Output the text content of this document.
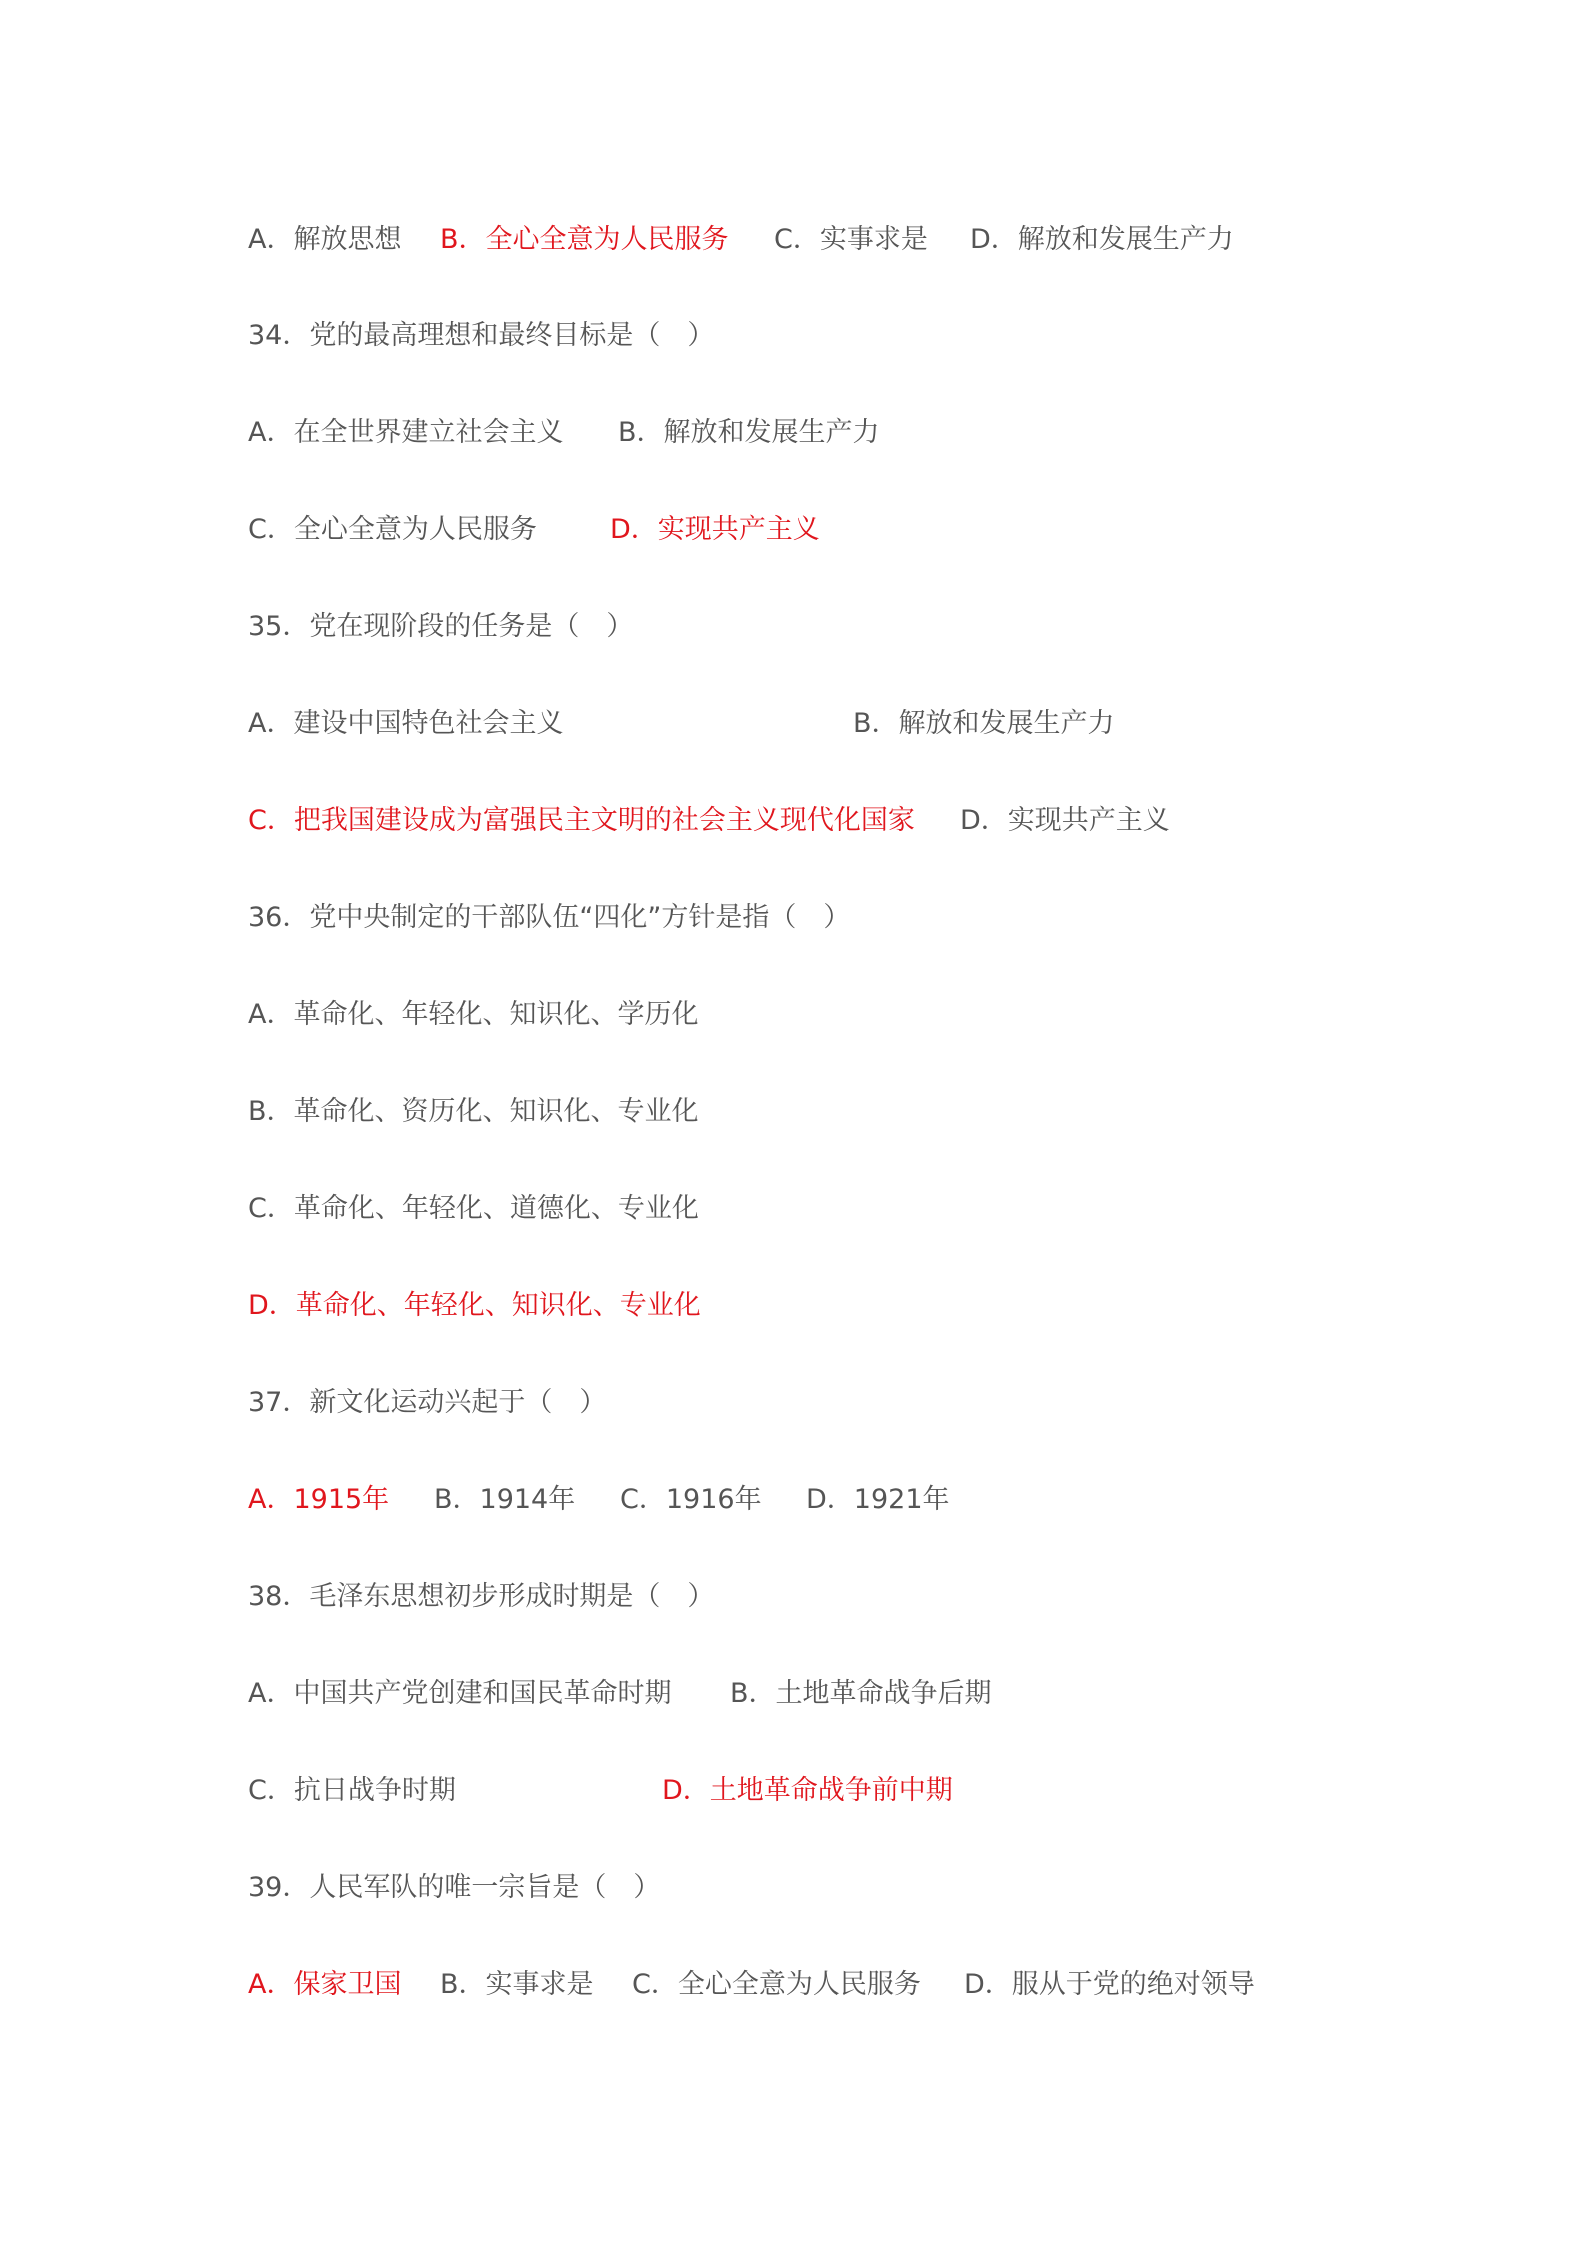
A．解放思想 B．全心全意为人民服务 C．实事求是 D．解放和发展生产力
34．党的最高理想和最终目标是（　）
A．在全世界建立社会主义 B．解放和发展生产力
C．全心全意为人民服务	D．实现共产主义
35．党在现阶段的任务是（　）
A．建设中国特色社会主义	B．解放和发展生产力
C．把我国建设成为富强民主文明的社会主义现代化国家 D．实现共产主义
36．党中央制定的干部队伍“四化”方针是指（　）
A．革命化、年轻化、知识化、学历化
B．革命化、资历化、知识化、专业化
C．革命化、年轻化、道德化、专业化
D．革命化、年轻化、知识化、专业化
37．新文化运动兴起于（　）
A．1915年 B．1914年 C．1916年 D．1921年
38．毛泽东思想初步形成时期是（　）
A．中国共产党创建和国民革命时期 B．土地革命战争后期
C．抗日战争时期	D．土地革命战争前中期
39．人民军队的唯一宗旨是（　）
A．保家卫国 B．实事求是 C．全心全意为人民服务 D．服从于党的绝对领导
